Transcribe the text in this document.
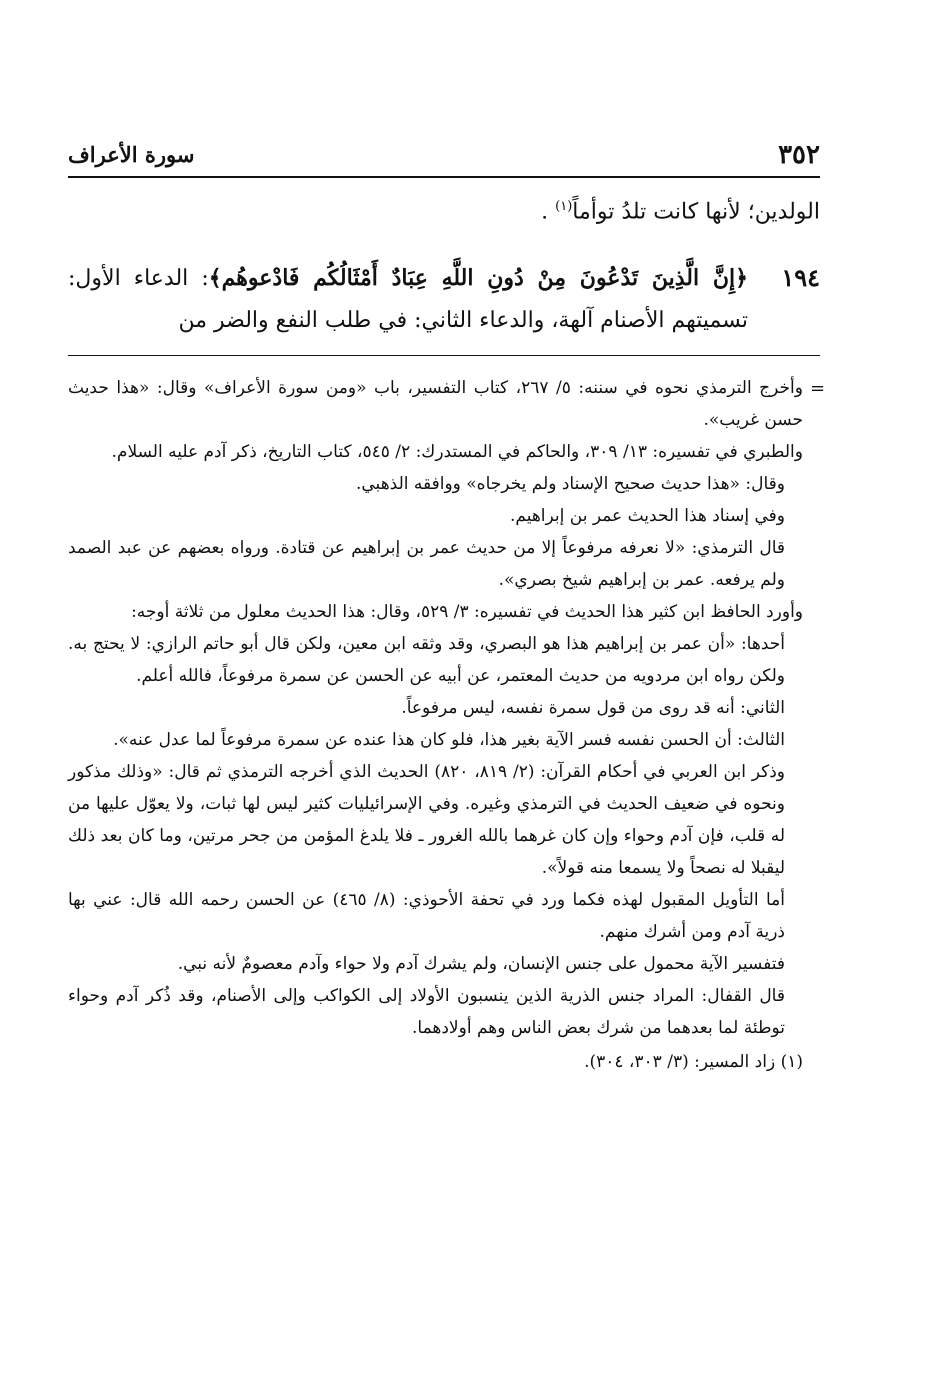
٣٥٢
سورة الأعراف

الولدين؛ لأنها كانت تلدُ توأماً$^{(١)}$ .

١٩٤

﴿إِنَّ الَّذِينَ تَدْعُونَ مِنْ دُونِ اللَّهِ عِبَادٌ أَمْثَالُكُم فَادْعوهُم﴾: الدعاء الأول: تسميتهم الأصنام آلهة، والدعاء الثاني: في طلب النفع والضر من

=

وأخرج الترمذي نحوه في سننه: ٥/ ٢٦٧، كتاب التفسير، باب «ومن سورة الأعراف» وقال: «هذا حديث حسن غريب».

والطبري في تفسيره: ١٣/ ٣٠٩، والحاكم في المستدرك: ٢/ ٥٤٥، كتاب التاريخ، ذكر آدم عليه السلام.

وقال: «هذا حديث صحيح الإسناد ولم يخرجاه» ووافقه الذهبي.

وفي إسناد هذا الحديث عمر بن إبراهيم.

قال الترمذي: «لا نعرفه مرفوعاً إلا من حديث عمر بن إبراهيم عن قتادة. ورواه بعضهم عن عبد الصمد ولم يرفعه. عمر بن إبراهيم شيخ بصري».

وأورد الحافظ ابن كثير هذا الحديث في تفسيره: ٣/ ٥٢٩، وقال: هذا الحديث معلول من ثلاثة أوجه:

أحدها: «أن عمر بن إبراهيم هذا هو البصري، وقد وثقه ابن معين، ولكن قال أبو حاتم الرازي: لا يحتج به. ولكن رواه ابن مردويه من حديث المعتمر، عن أبيه عن الحسن عن سمرة مرفوعاً، فالله أعلم.

الثاني: أنه قد روى من قول سمرة نفسه، ليس مرفوعاً.

الثالث: أن الحسن نفسه فسر الآية بغير هذا، فلو كان هذا عنده عن سمرة مرفوعاً لما عدل عنه».

وذكر ابن العربي في أحكام القرآن: (٢/ ٨١٩، ٨٢٠) الحديث الذي أخرجه الترمذي ثم قال: «وذلك مذكور ونحوه في ضعيف الحديث في الترمذي وغيره. وفي الإسرائيليات كثير ليس لها ثبات، ولا يعوّل عليها من له قلب، فإن آدم وحواء وإن كان غرهما بالله الغرور ـ فلا يلدغ المؤمن من جحر مرتين، وما كان بعد ذلك ليقبلا له نصحاً ولا يسمعا منه قولاً».

أما التأويل المقبول لهذه فكما ورد في تحفة الأحوذي: (٨/ ٤٦٥) عن الحسن رحمه الله قال: عني بها ذرية آدم ومن أشرك منهم.

فتفسير الآية محمول على جنس الإنسان، ولم يشرك آدم ولا حواء وآدم معصومٌ لأنه نبي.

قال القفال: المراد جنس الذرية الذين ينسبون الأولاد إلى الكواكب وإلى الأصنام، وقد ذُكر آدم وحواء توطئة لما بعدهما من شرك بعض الناس وهم أولادهما.

(١) زاد المسير: (٣/ ٣٠٣، ٣٠٤).
